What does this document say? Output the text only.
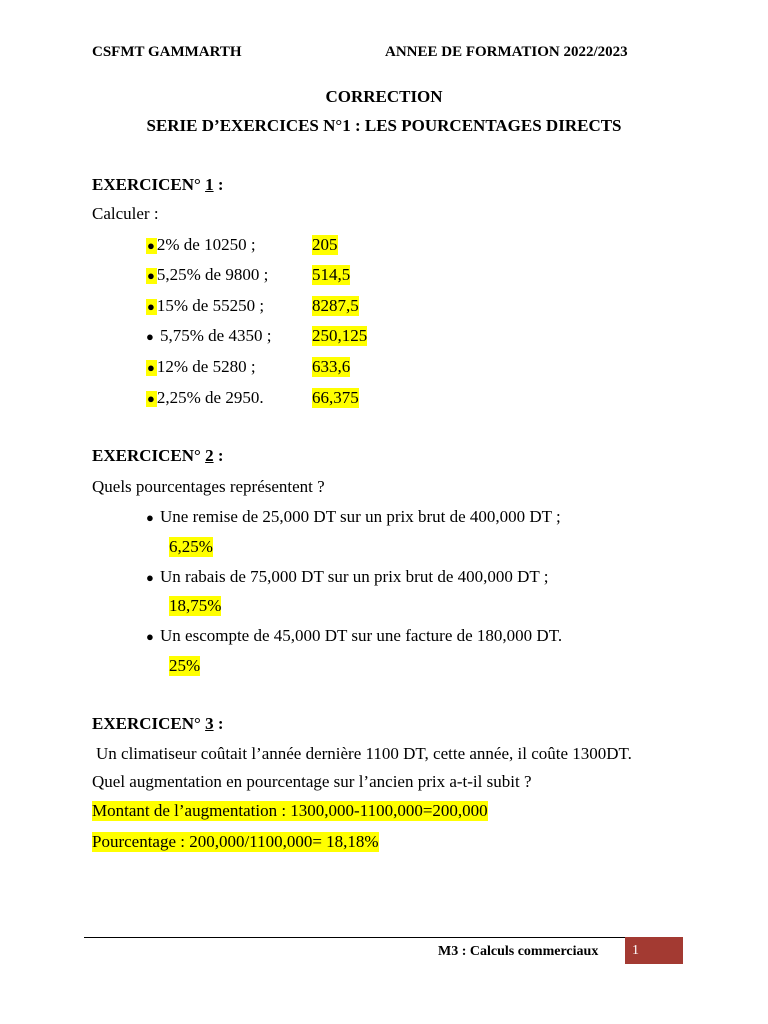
CSFMT GAMMARTH	ANNEE DE FORMATION 2022/2023
CORRECTION
SERIE D’EXERCICES N°1 : LES POURCENTAGES DIRECTS
EXERCICEN° 1 :
Calculer :
● 2% de 10250 ;	205
● 5,25% de 9800 ;	514,5
● 15% de 55250 ;	8287,5
● 5,75% de 4350 ; 250,125
● 12% de 5280 ;	633,6
● 2,25% de 2950.	66,375
EXERCICEN° 2 :
Quels pourcentages représentent ?
● Une remise de 25,000 DT sur un prix brut de 400,000 DT ;
6,25%
● Un rabais de 75,000 DT sur un prix brut de 400,000 DT ;
18,75%
● Un escompte de 45,000 DT sur une facture de 180,000 DT.
25%
EXERCICEN° 3 :
Un climatiseur coûtait l’année dernière 1100 DT, cette année, il coûte 1300DT.
Quel augmentation en pourcentage sur l’ancien prix a-t-il subit ?
Montant de l’augmentation : 1300,000-1100,000=200,000
Pourcentage : 200,000/1100,000= 18,18%
M3 : Calculs commerciaux 1
